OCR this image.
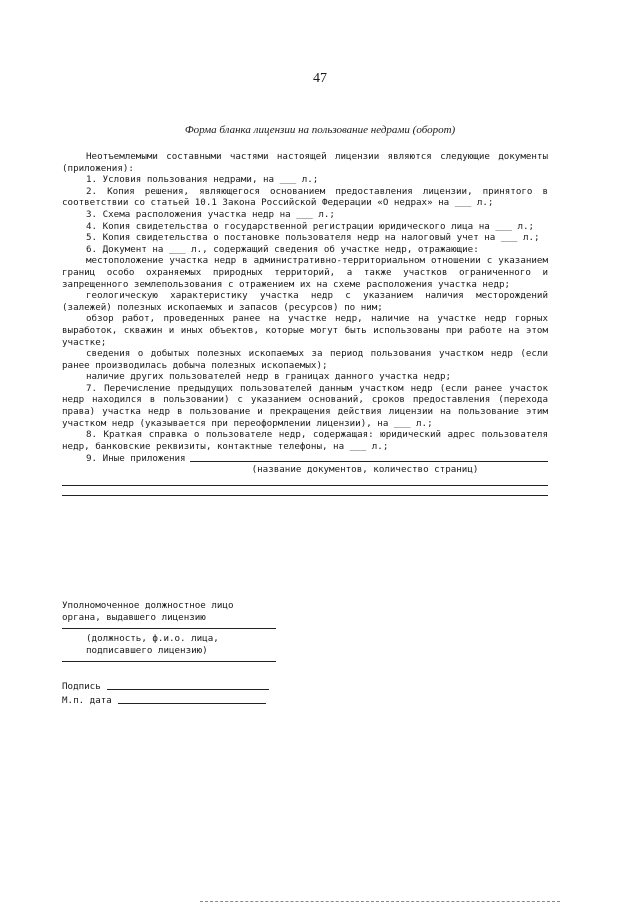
47
Форма бланка лицензии на пользование недрами (оборот)

Неотъемлемыми составными частями настоящей лицензии являются следующие документы (приложения):

1. Условия пользования недрами, на ___ л.;

2. Копия решения, являющегося основанием предоставления лицензии, принятого в соответствии со статьей 10.1 Закона Российской Федерации «О недрах» на ___ л.;

3. Схема расположения участка недр на ___ л.;

4. Копия свидетельства о государственной регистрации юридического лица на ___ л.;

5. Копия свидетельства о постановке пользователя недр на налоговый учет на ___ л.;

6. Документ на ___ л., содержащий сведения об участке недр, отражающие:

местоположение участка недр в административно-территориальном отношении с указанием границ особо охраняемых природных территорий, а также участков ограниченного и запрещенного землепользования с отражением их на схеме расположения участка недр;

геологическую характеристику участка недр с указанием наличия месторождений (залежей) полезных ископаемых и запасов (ресурсов) по ним;

обзор работ, проведенных ранее на участке недр, наличие на участке недр горных выработок, скважин и иных объектов, которые могут быть использованы при работе на этом участке;

сведения о добытых полезных ископаемых за период пользования участком недр (если ранее производилась добыча полезных ископаемых);

наличие других пользователей недр в границах данного участка недр;

7. Перечисление предыдущих пользователей данным участком недр (если ранее участок недр находился в пользовании) с указанием оснований, сроков предоставления (перехода права) участка недр в пользование и прекращения действия лицензии на пользование этим участком недр (указывается при переоформлении лицензии), на ___ л.;

8. Краткая справка о пользователе недр, содержащая: юридический адрес пользователя недр, банковские реквизиты, контактные телефоны, на ___ л.;

9. Иные приложения
(название документов, количество страниц)
Уполномоченное должностное лицо
органа, выдавшего лицензию
(должность, ф.и.о. лица,
подписавшего лицензию)
Подпись
М.п. дата
